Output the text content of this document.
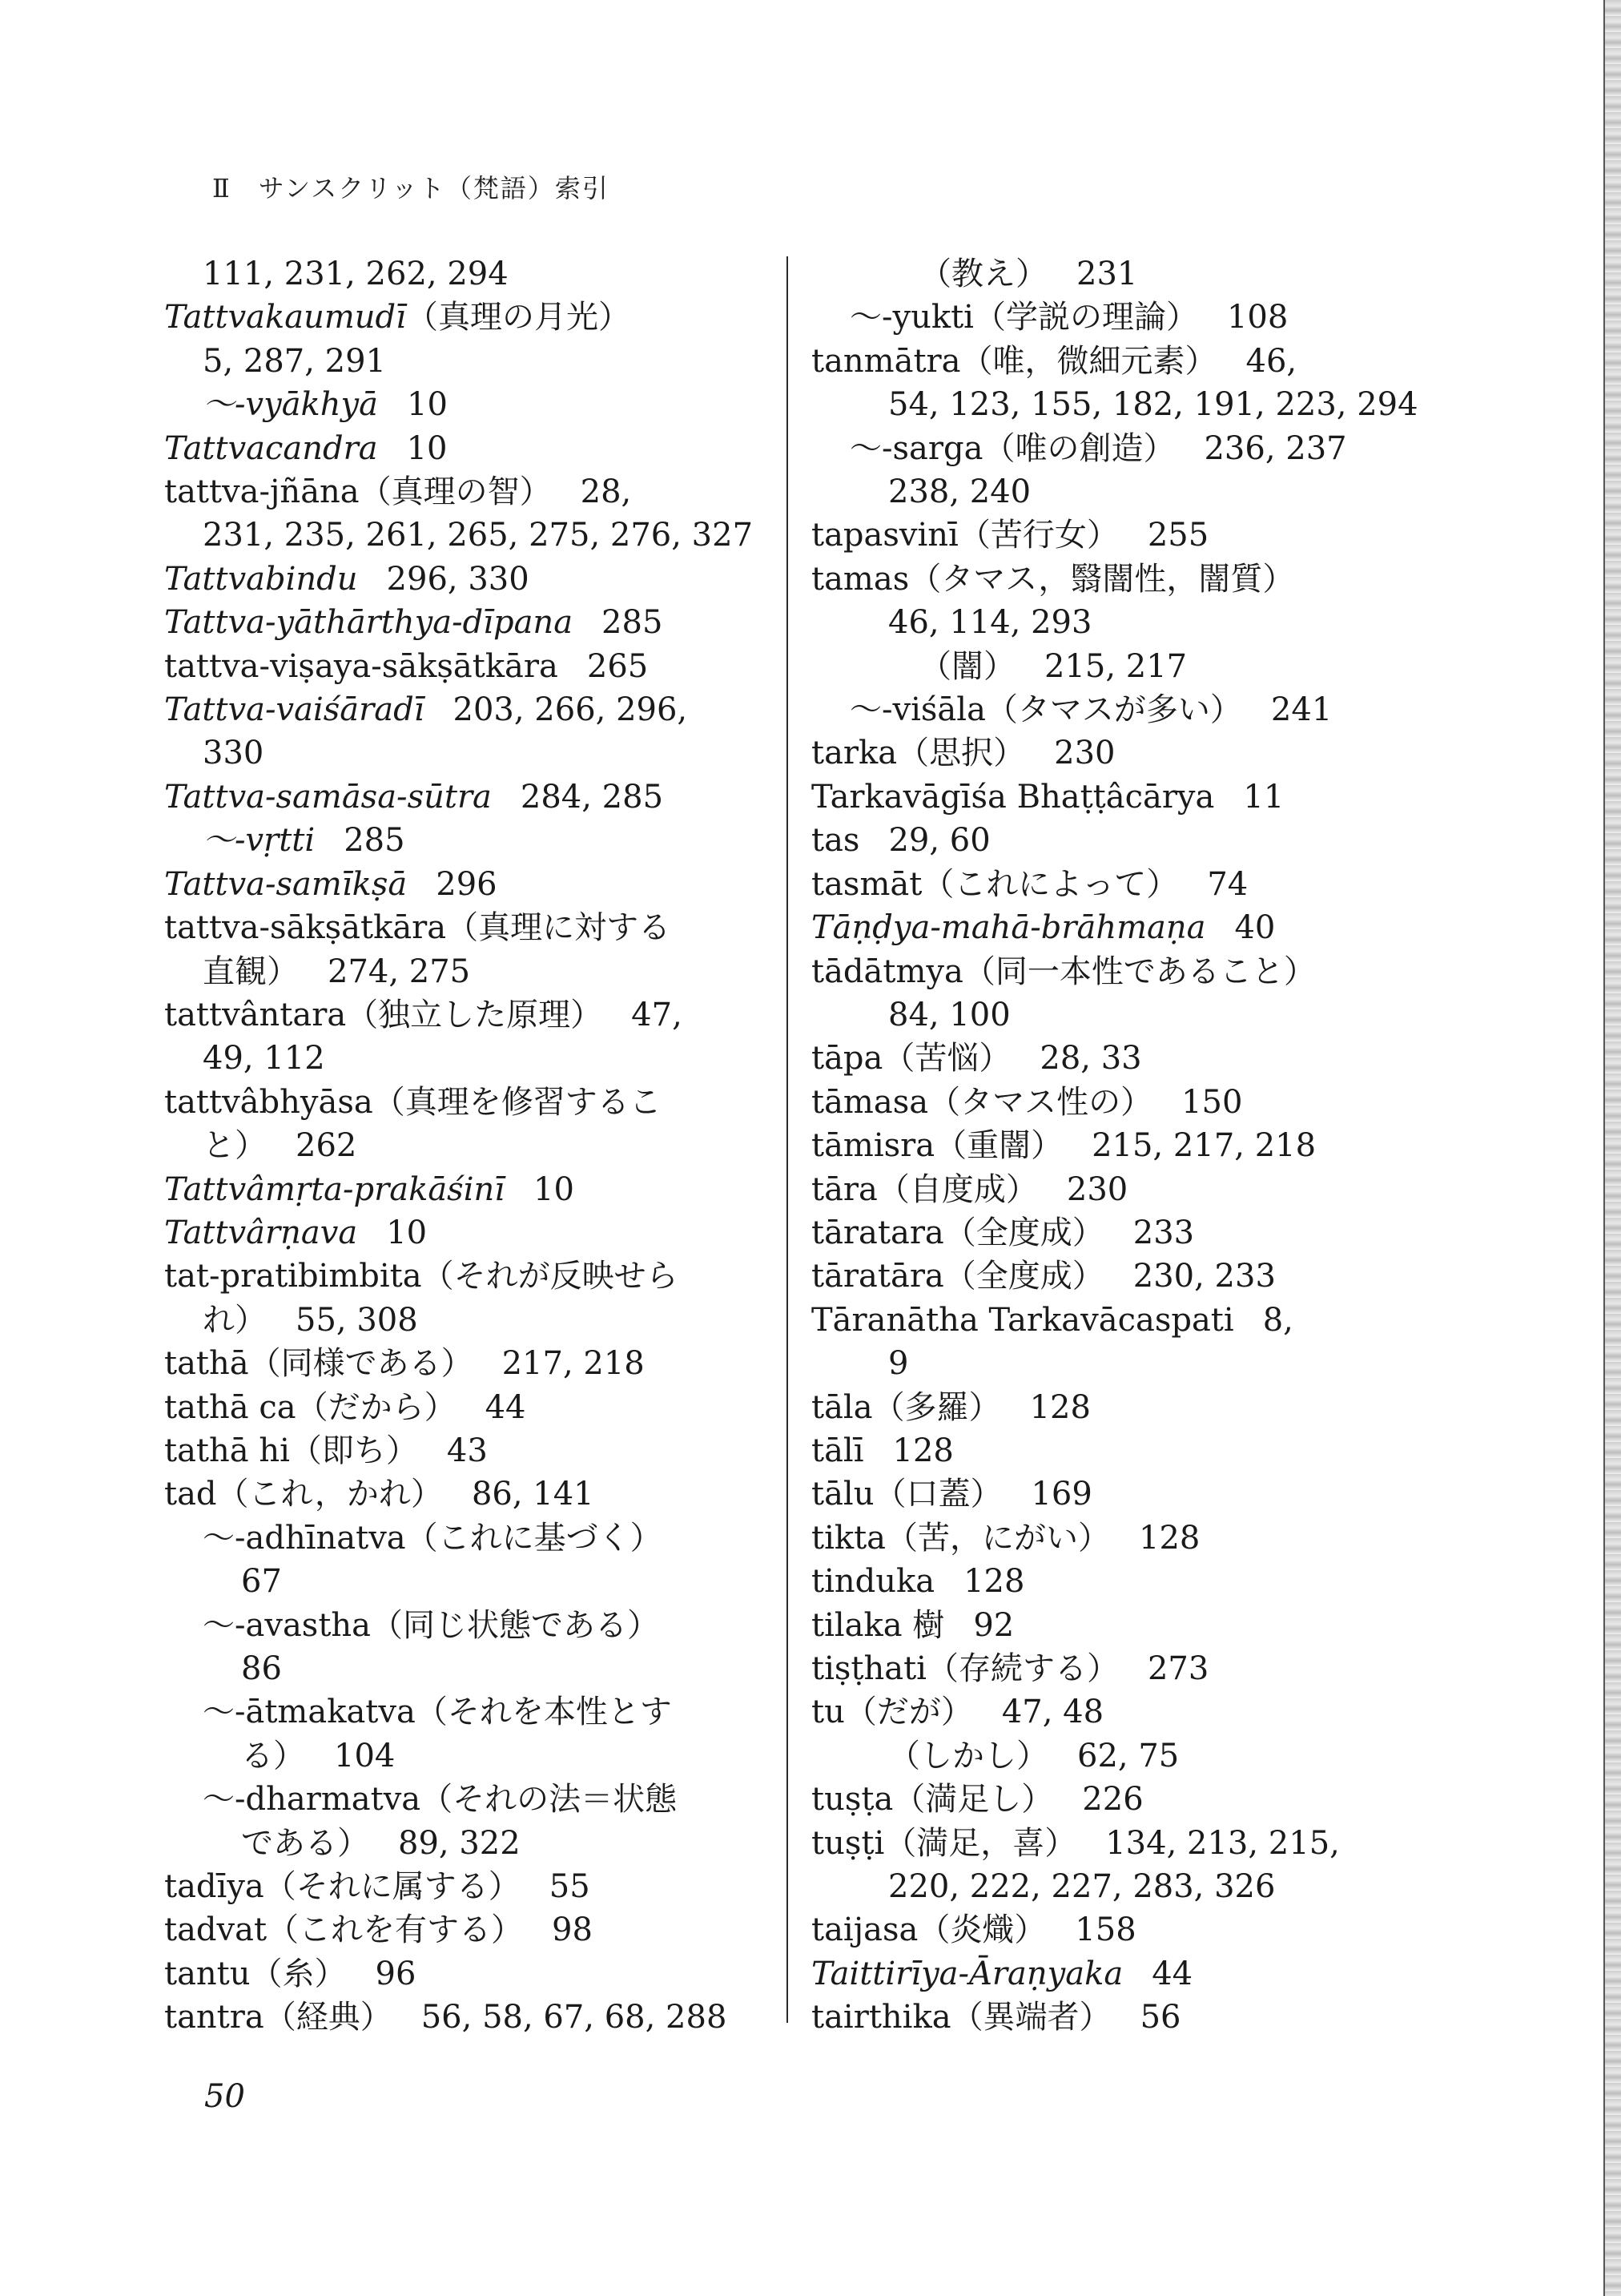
Ⅱ　サンスクリット（梵語）索引
111, 231, 262, 294
Tattvakaumudī（真理の月光）
5, 287, 291
～-vyākhyā 10
Tattvacandra 10
tattva-jñāna（真理の智） 28,
231, 235, 261, 265, 275, 276, 327
Tattvabindu 296, 330
Tattva-yāthārthya-dīpana 285
tattva-viṣaya-sākṣātkāra 265
Tattva-vaiśāradī 203, 266, 296,
330
Tattva-samāsa-sūtra 284, 285
～-vṛtti 285
Tattva-samīkṣā 296
tattva-sākṣātkāra（真理に対する
直観） 274, 275
tattvântara（独立した原理） 47,
49, 112
tattvâbhyāsa（真理を修習するこ
と） 262
Tattvâmṛta-prakāśinī 10
Tattvârṇava 10
tat-pratibimbita（それが反映せら
れ） 55, 308
tathā（同様である） 217, 218
tathā ca（だから） 44
tathā hi（即ち） 43
tad（これ，かれ） 86, 141
～-adhīnatva（これに基づく）
67
～-avastha（同じ状態である）
86
～-ātmakatva（それを本性とす
る） 104
～-dharmatva（それの法＝状態
である） 89, 322
tadīya（それに属する） 55
tadvat（これを有する） 98
tantu（糸） 96
tantra（経典） 56, 58, 67, 68, 288
（教え） 231
～-yukti（学説の理論） 108
tanmātra（唯，微細元素） 46,
54, 123, 155, 182, 191, 223, 294
～-sarga（唯の創造） 236, 237
238, 240
tapasvinī（苦行女） 255
tamas（タマス，翳闇性，闇質）
46, 114, 293
（闇） 215, 217
～-viśāla（タマスが多い） 241
tarka（思択） 230
Tarkavāgīśa Bhaṭṭâcārya 11
tas 29, 60
tasmāt（これによって） 74
Tāṇḍya-mahā-brāhmaṇa 40
tādātmya（同一本性であること）
84, 100
tāpa（苦悩） 28, 33
tāmasa（タマス性の） 150
tāmisra（重闇） 215, 217, 218
tāra（自度成） 230
tāratara（全度成） 233
tāratāra（全度成） 230, 233
Tāranātha Tarkavācaspati 8,
9
tāla（多羅） 128
tālī 128
tālu（口蓋） 169
tikta（苦，にがい） 128
tinduka 128
tilaka 樹 92
tiṣṭhati（存続する） 273
tu（だが） 47, 48
（しかし） 62, 75
tuṣṭa（満足し） 226
tuṣṭi（満足，喜） 134, 213, 215,
220, 222, 227, 283, 326
taijasa（炎熾） 158
Taittirīya-Āraṇyaka 44
tairthika（異端者） 56
50
